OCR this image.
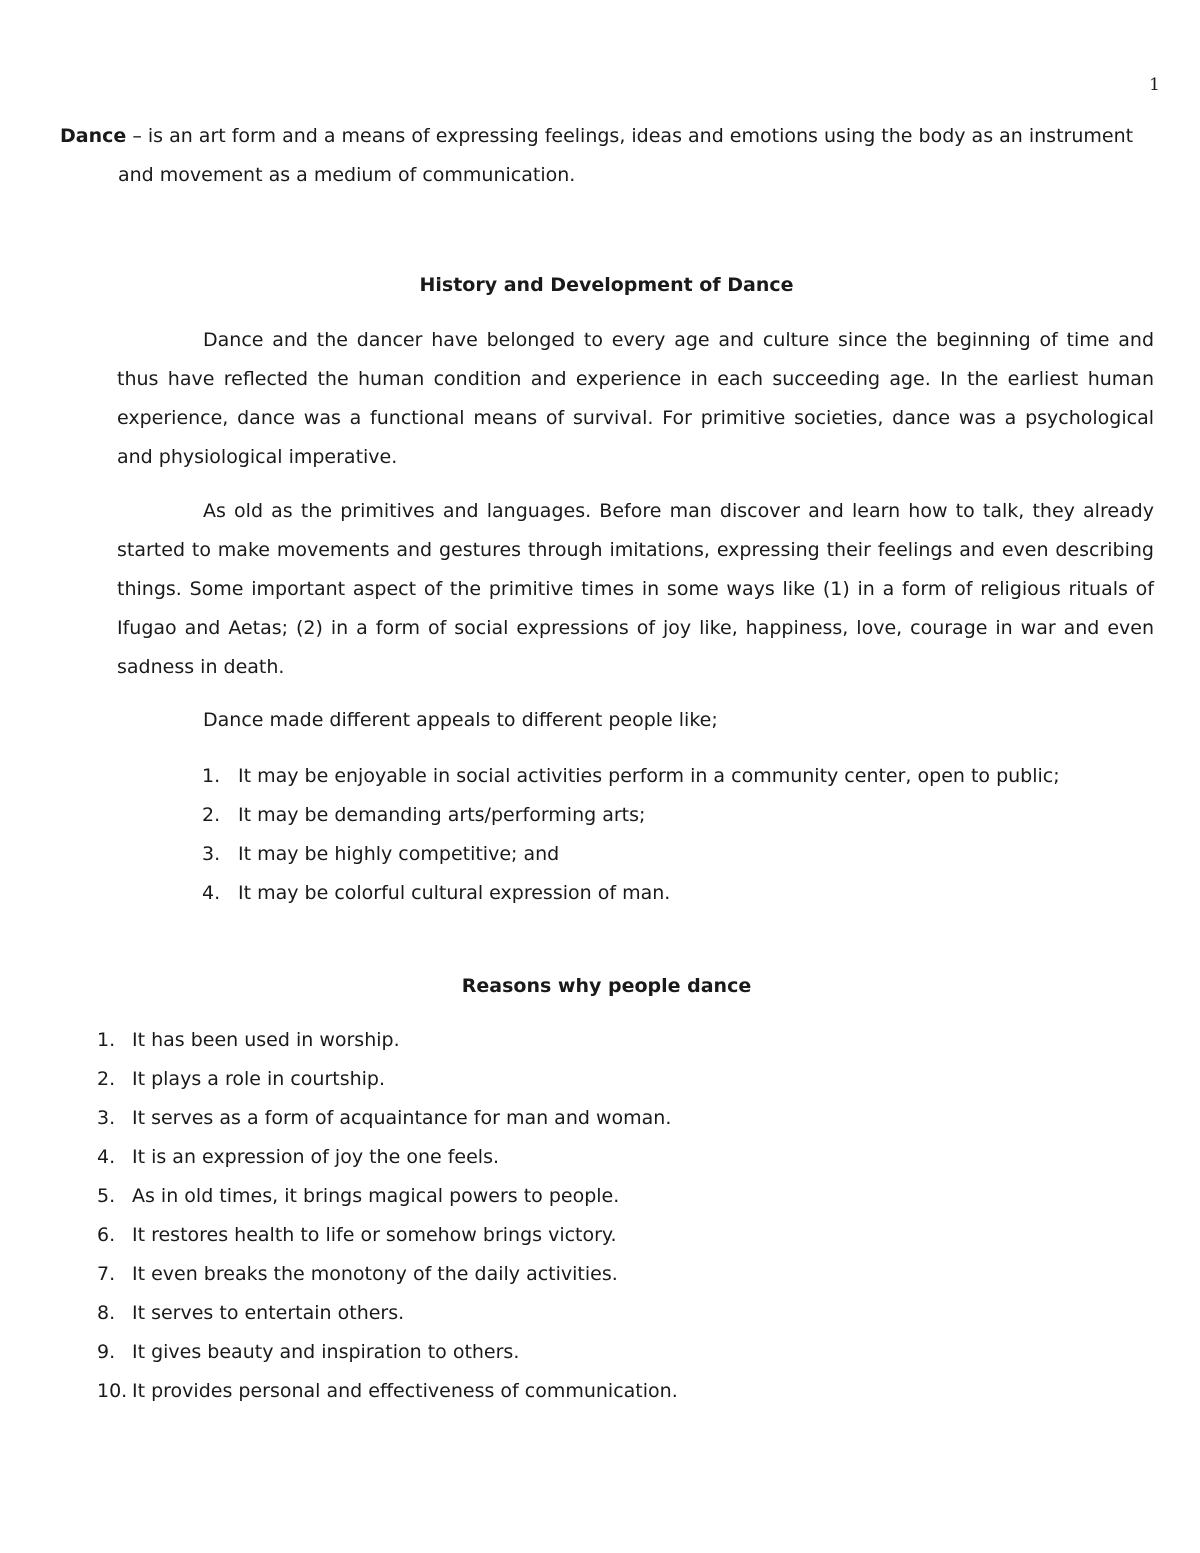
1
Dance – is an art form and a means of expressing feelings, ideas and emotions using the body as an instrument
and movement as a medium of communication.
History and Development of Dance

Dance and the dancer have belonged to every age and culture since the beginning of time and thus have reflected the human condition and experience in each succeeding age. In the earliest human experience, dance was a functional means of survival. For primitive societies, dance was a psychological and physiological imperative.

As old as the primitives and languages. Before man discover and learn how to talk, they already started to make movements and gestures through imitations, expressing their feelings and even describing things. Some important aspect of the primitive times in some ways like (1) in a form of religious rituals of Ifugao and Aetas; (2) in a form of social expressions of joy like, happiness, love, courage in war and even sadness in death.

Dance made different appeals to different people like;

1. It may be enjoyable in social activities perform in a community center, open to public;
2. It may be demanding arts/performing arts;
3. It may be highly competitive; and
4. It may be colorful cultural expression of man.
Reasons why people dance
1. It has been used in worship.
2. It plays a role in courtship.
3. It serves as a form of acquaintance for man and woman.
4. It is an expression of joy the one feels.
5. As in old times, it brings magical powers to people.
6. It restores health to life or somehow brings victory.
7. It even breaks the monotony of the daily activities.
8. It serves to entertain others.
9. It gives beauty and inspiration to others.
10. It provides personal and effectiveness of communication.
